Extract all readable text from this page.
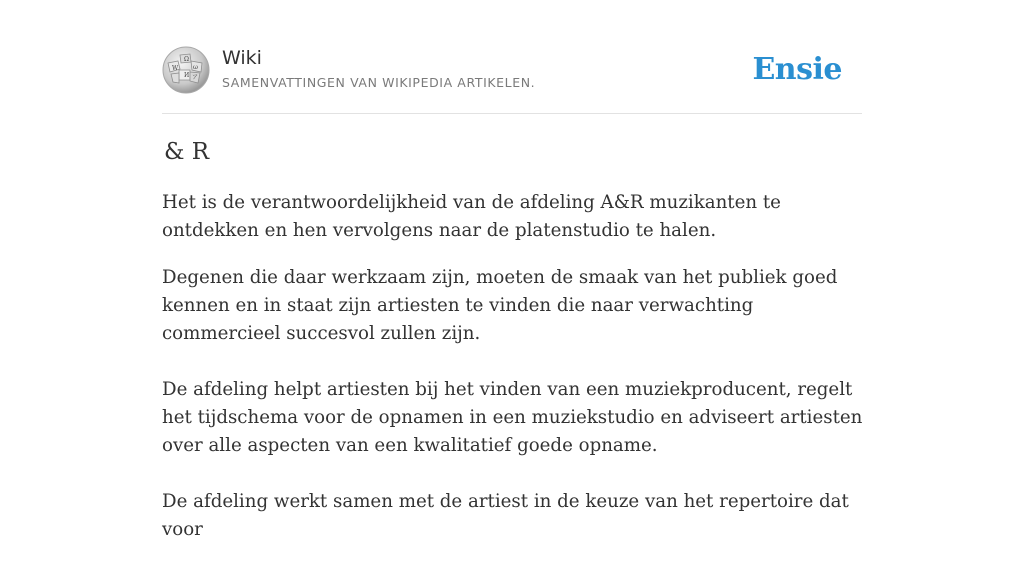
Ω
W
И
ω
ア
Wiki
SAMENVATTINGEN VAN WIKIPEDIA ARTIKELEN.	Ensie
& R

Het is de verantwoordelijkheid van de afdeling A&R muzikanten te ontdekken en hen vervolgens naar de platenstudio te halen.

Degenen die daar werkzaam zijn, moeten de smaak van het publiek goed kennen en in staat zijn artiesten te vinden die naar verwachting commercieel succesvol zullen zijn.

De afdeling helpt artiesten bij het vinden van een muziekproducent, regelt het tijdschema voor de opnamen in een muziekstudio en adviseert artiesten over alle aspecten van een kwalitatief goede opname.

De afdeling werkt samen met de artiest in de keuze van het repertoire dat voor
